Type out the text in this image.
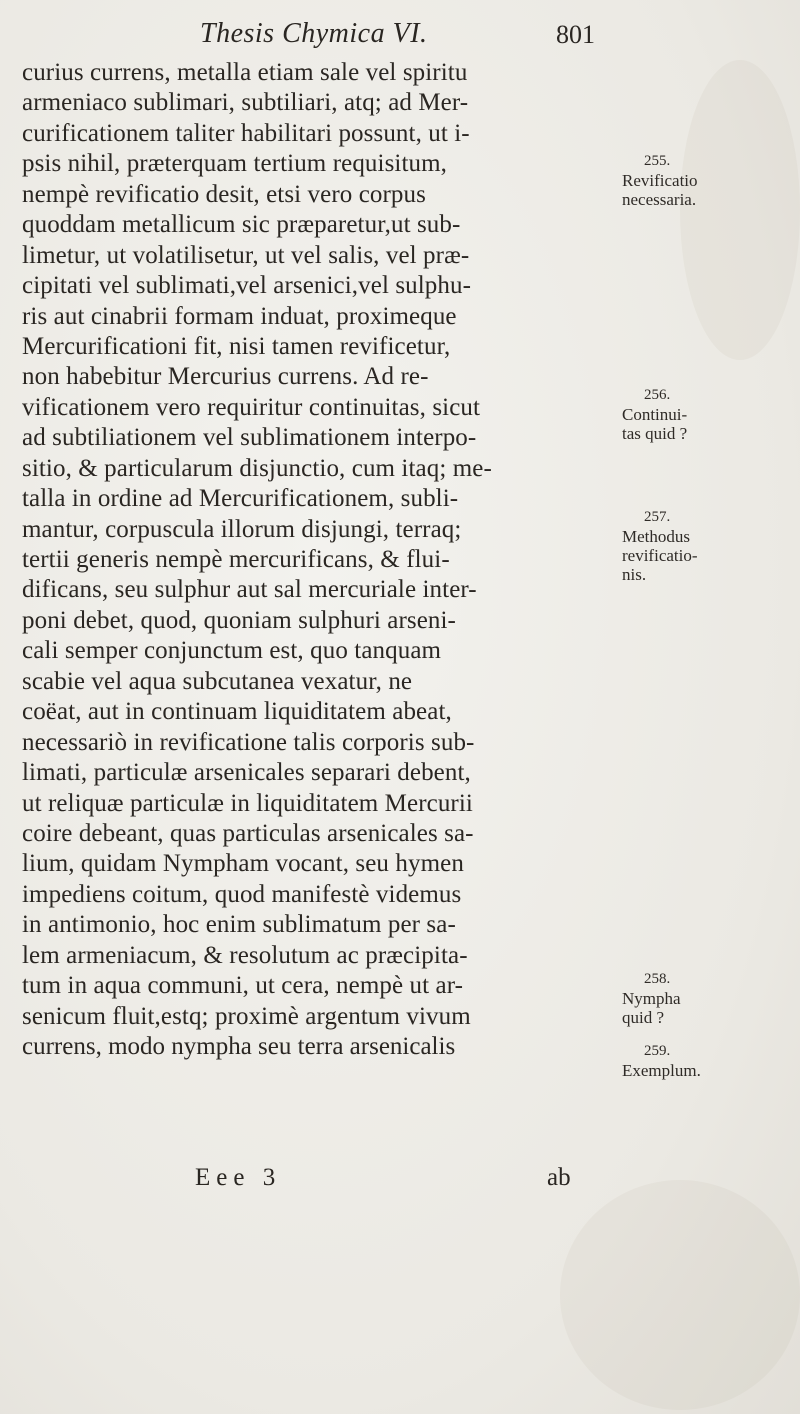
Thesis Chymica VI.	801
curius currens, metalla etiam sale vel spiritu
armeniaco sublimari, subtiliari, atq; ad Mer-
curificationem taliter habilitari possunt, ut i-
psis nihil, præterquam tertium requisitum,
nempè revificatio desit, etsi vero corpus
quoddam metallicum sic præparetur,ut sub-
limetur, ut volatilisetur, ut vel salis, vel præ-
cipitati vel sublimati,vel arsenici,vel sulphu-
ris aut cinabrii formam induat, proximeque
Mercurificationi fit, nisi tamen revificetur,
non habebitur Mercurius currens. Ad re-
vificationem vero requiritur continuitas, sicut
ad subtiliationem vel sublimationem interpo-
sitio, & particularum disjunctio, cum itaq; me-
talla in ordine ad Mercurificationem, subli-
mantur, corpuscula illorum disjungi, terraq;
tertii generis nempè mercurificans, & flui-
dificans, seu sulphur aut sal mercuriale inter-
poni debet, quod, quoniam sulphuri arseni-
cali semper conjunctum est, quo tanquam
scabie vel aqua subcutanea vexatur, ne
coëat, aut in continuam liquiditatem abeat,
necessariò in revificatione talis corporis sub-
limati, particulæ arsenicales separari debent,
ut reliquæ particulæ in liquiditatem Mercurii
coire debeant, quas particulas arsenicales sa-
lium, quidam Nympham vocant, seu hymen
impediens coitum, quod manifestè videmus
in antimonio, hoc enim sublimatum per sa-
lem armeniacum, & resolutum ac præcipita-
tum in aqua communi, ut cera, nempè ut ar-
senicum fluit,estq; proximè argentum vivum
currens, modo nympha seu terra arsenicalis
Eee 3	ab
255.
Revificatio
necessaria.
256.
Continui-
tas quid ?
257.
Methodus
revificatio-
nis.
258.
Nympha
quid ?
259.
Exemplum.
